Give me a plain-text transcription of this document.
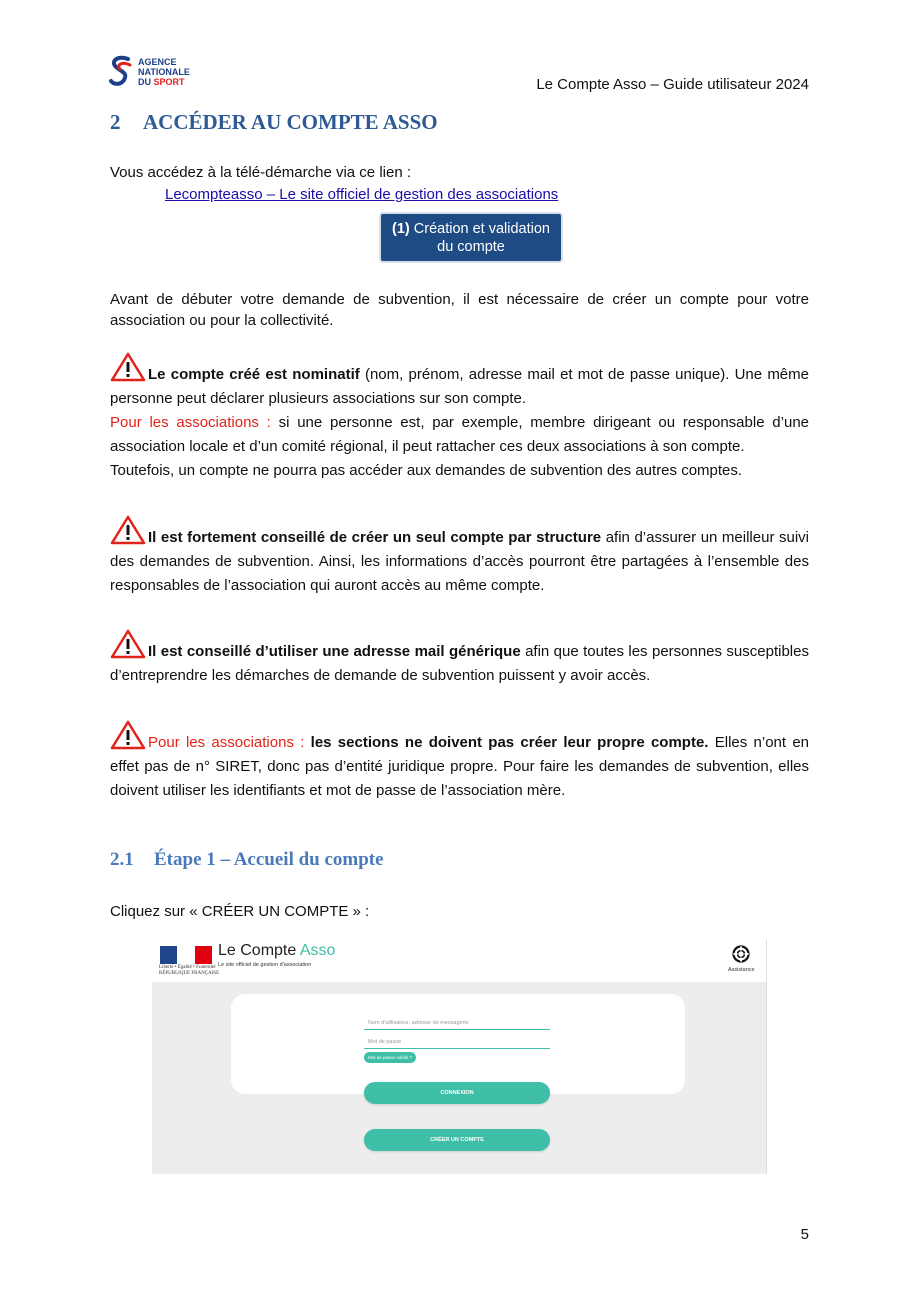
AGENCE
NATIONALE
DU SPORT	Le Compte Asso – Guide utilisateur 2024
2 ACCÉDER AU COMPTE ASSO
Vous accédez à la télé-démarche via ce lien :
Lecompteasso – Le site officiel de gestion des associations
(1) Création et validation
du compte
Avant de débuter votre demande de subvention, il est nécessaire de créer un compte pour votre association ou pour la collectivité.
Le compte créé est nominatif (nom, prénom, adresse mail et mot de passe unique). Une même personne peut déclarer plusieurs associations sur son compte.
Pour les associations : si une personne est, par exemple, membre dirigeant ou responsable d’une association locale et d’un comité régional, il peut rattacher ces deux associations à son compte.
Toutefois, un compte ne pourra pas accéder aux demandes de subvention des autres comptes.
Il est fortement conseillé de créer un seul compte par structure afin d’assurer un meilleur suivi des demandes de subvention. Ainsi, les informations d’accès pourront être partagées à l’ensemble des responsables de l’association qui auront accès au même compte.
Il est conseillé d’utiliser une adresse mail générique afin que toutes les personnes susceptibles d’entreprendre les démarches de demande de subvention puissent y avoir accès.
Pour les associations : les sections ne doivent pas créer leur propre compte. Elles n’ont en effet pas de n° SIRET, donc pas d’entité juridique propre. Pour faire les demandes de subvention, elles doivent utiliser les identifiants et mot de passe de l’association mère.
2.1 Étape 1 – Accueil du compte
Cliquez sur « CRÉER UN COMPTE » :
Liberté • Égalité • Fraternité
RÉPUBLIQUE FRANÇAISE
Le Compte Asso
Le site officiel de gestion d'association
Assistance
Nom d'utilisateur, adresse de messagerie
Mot de passe
Mot de passe oublié ?
CONNEXION
CRÉER UN COMPTE
5
